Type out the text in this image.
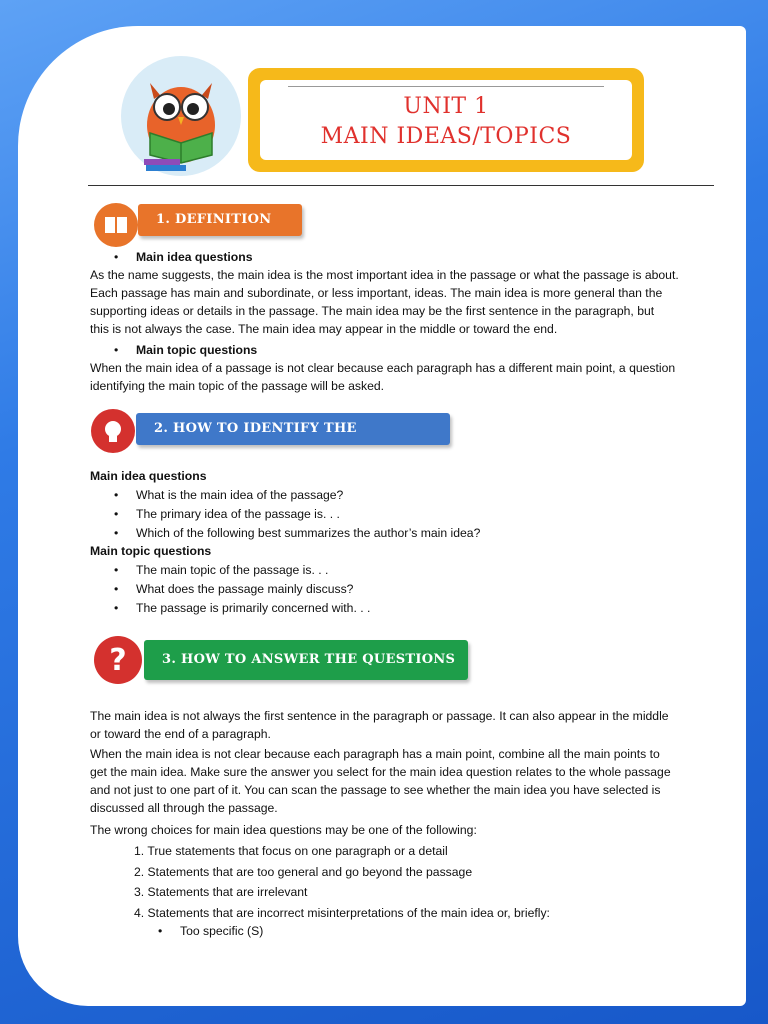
UNIT 1
MAIN IDEAS/TOPICS
1. DEFINITION
• Main idea questions
As the name suggests, the main idea is the most important idea in the passage or what the passage is about.
Each passage has main and subordinate, or less important, ideas. The main idea is more general than the
supporting ideas or details in the passage. The main idea may be the first sentence in the paragraph, but
this is not always the case. The main idea may appear in the middle or toward the end.
• Main topic questions
When the main idea of a passage is not clear because each paragraph has a different main point, a question
identifying the main topic of the passage will be asked.
2. HOW TO IDENTIFY THE QUESTIONS
Main idea questions
• What is the main idea of the passage?
• The primary idea of the passage is. . .
• Which of the following best summarizes the author’s main idea?
Main topic questions
• The main topic of the passage is. . .
• What does the passage mainly discuss?
• The passage is primarily concerned with. . .
?	3. HOW TO ANSWER THE QUESTIONS
The main idea is not always the first sentence in the paragraph or passage. It can also appear in the middle
or toward the end of a paragraph.
When the main idea is not clear because each paragraph has a main point, combine all the main points to
get the main idea. Make sure the answer you select for the main idea question relates to the whole passage
and not just to one part of it. You can scan the passage to see whether the main idea you have selected is
discussed all through the passage.
The wrong choices for main idea questions may be one of the following:
1. True statements that focus on one paragraph or a detail
2. Statements that are too general and go beyond the passage
3. Statements that are irrelevant
4. Statements that are incorrect misinterpretations of the main idea or, briefly:
• Too specific (S)
